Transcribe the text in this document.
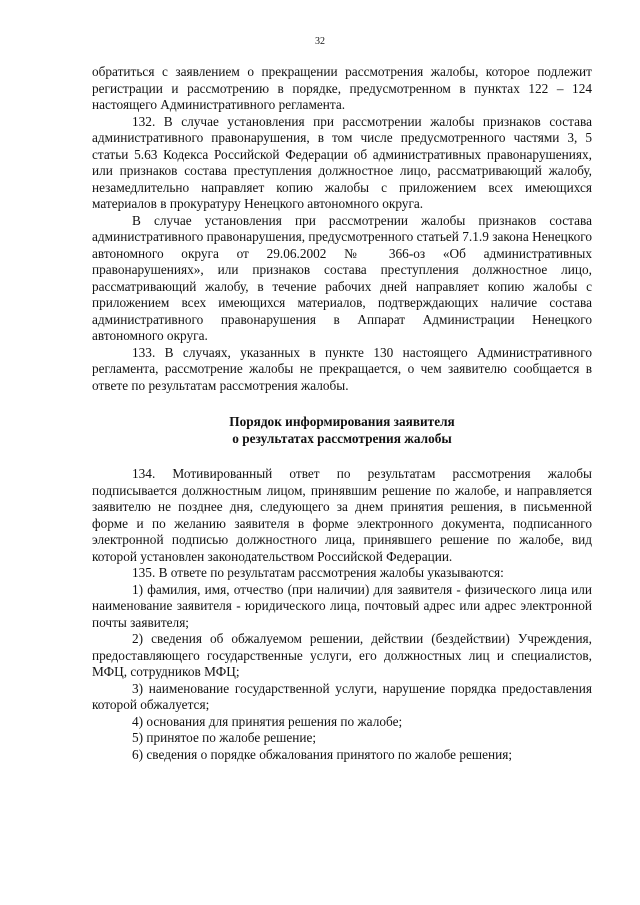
32

обратиться с заявлением о прекращении рассмотрения жалобы, которое подлежит регистрации и рассмотрению в порядке, предусмотренном в пунктах 122 – 124 настоящего Административного регламента.

132. В случае установления при рассмотрении жалобы признаков состава административного правонарушения, в том числе предусмотренного частями 3, 5 статьи 5.63 Кодекса Российской Федерации об административных правонарушениях, или признаков состава преступления должностное лицо, рассматривающий жалобу, незамедлительно направляет копию жалобы с приложением всех имеющихся материалов в прокуратуру Ненецкого автономного округа.

В случае установления при рассмотрении жалобы признаков состава административного правонарушения, предусмотренного статьей 7.1.9 закона Ненецкого автономного округа от 29.06.2002 № 366-оз «Об административных правонарушениях», или признаков состава преступления должностное лицо, рассматривающий жалобу, в течение рабочих дней направляет копию жалобы с приложением всех имеющихся материалов, подтверждающих наличие состава административного правонарушения в Аппарат Администрации Ненецкого автономного округа.

133. В случаях, указанных в пункте 130 настоящего Административного регламента, рассмотрение жалобы не прекращается, о чем заявителю сообщается в ответе по результатам рассмотрения жалобы.

Порядок информирования заявителя
о результатах рассмотрения жалобы

134. Мотивированный ответ по результатам рассмотрения жалобы подписывается должностным лицом, принявшим решение по жалобе, и направляется заявителю не позднее дня, следующего за днем принятия решения, в письменной форме и по желанию заявителя в форме электронного документа, подписанного электронной подписью должностного лица, принявшего решение по жалобе, вид которой установлен законодательством Российской Федерации.

135. В ответе по результатам рассмотрения жалобы указываются:

1) фамилия, имя, отчество (при наличии) для заявителя - физического лица или наименование заявителя - юридического лица, почтовый адрес или адрес электронной почты заявителя;

2) сведения об обжалуемом решении, действии (бездействии) Учреждения, предоставляющего государственные услуги, его должностных лиц и специалистов, МФЦ, сотрудников МФЦ;

3) наименование государственной услуги, нарушение порядка предоставления которой обжалуется;

4) основания для принятия решения по жалобе;

5) принятое по жалобе решение;

6) сведения о порядке обжалования принятого по жалобе решения;
